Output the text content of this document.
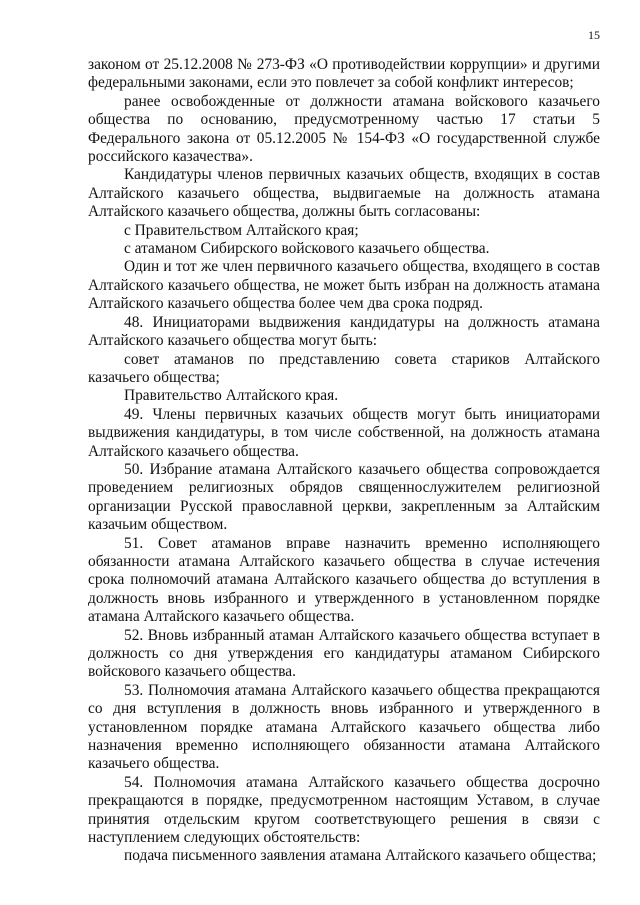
15

законом от 25.12.2008 № 273-ФЗ «О противодействии коррупции» и другими федеральными законами, если это повлечет за собой конфликт интересов;

ранее освобожденные от должности атамана войскового казачьего общества по основанию, предусмотренному частью 17 статьи 5 Федерального закона от 05.12.2005 № 154-ФЗ «О государственной службе российского казачества».

Кандидатуры членов первичных казачьих обществ, входящих в состав Алтайского казачьего общества, выдвигаемые на должность атамана Алтайского казачьего общества, должны быть согласованы:

с Правительством Алтайского края;

с атаманом Сибирского войскового казачьего общества.

Один и тот же член первичного казачьего общества, входящего в состав Алтайского казачьего общества, не может быть избран на должность атамана Алтайского казачьего общества более чем два срока подряд.

48. Инициаторами выдвижения кандидатуры на должность атамана Алтайского казачьего общества могут быть:

совет атаманов по представлению совета стариков Алтайского казачьего общества;

Правительство Алтайского края.

49. Члены первичных казачьих обществ могут быть инициаторами выдвижения кандидатуры, в том числе собственной, на должность атамана Алтайского казачьего общества.

50. Избрание атамана Алтайского казачьего общества сопровождается проведением религиозных обрядов священнослужителем религиозной организации Русской православной церкви, закрепленным за Алтайским казачьим обществом.

51. Совет атаманов вправе назначить временно исполняющего обязанности атамана Алтайского казачьего общества в случае истечения срока полномочий атамана Алтайского казачьего общества до вступления в должность вновь избранного и утвержденного в установленном порядке атамана Алтайского казачьего общества.

52. Вновь избранный атаман Алтайского казачьего общества вступает в должность со дня утверждения его кандидатуры атаманом Сибирского войскового казачьего общества.

53. Полномочия атамана Алтайского казачьего общества прекращаются со дня вступления в должность вновь избранного и утвержденного в установленном порядке атамана Алтайского казачьего общества либо назначения временно исполняющего обязанности атамана Алтайского казачьего общества.

54. Полномочия атамана Алтайского казачьего общества досрочно прекращаются в порядке, предусмотренном настоящим Уставом, в случае принятия отдельским кругом соответствующего решения в связи с наступлением следующих обстоятельств:

подача письменного заявления атамана Алтайского казачьего общества;
